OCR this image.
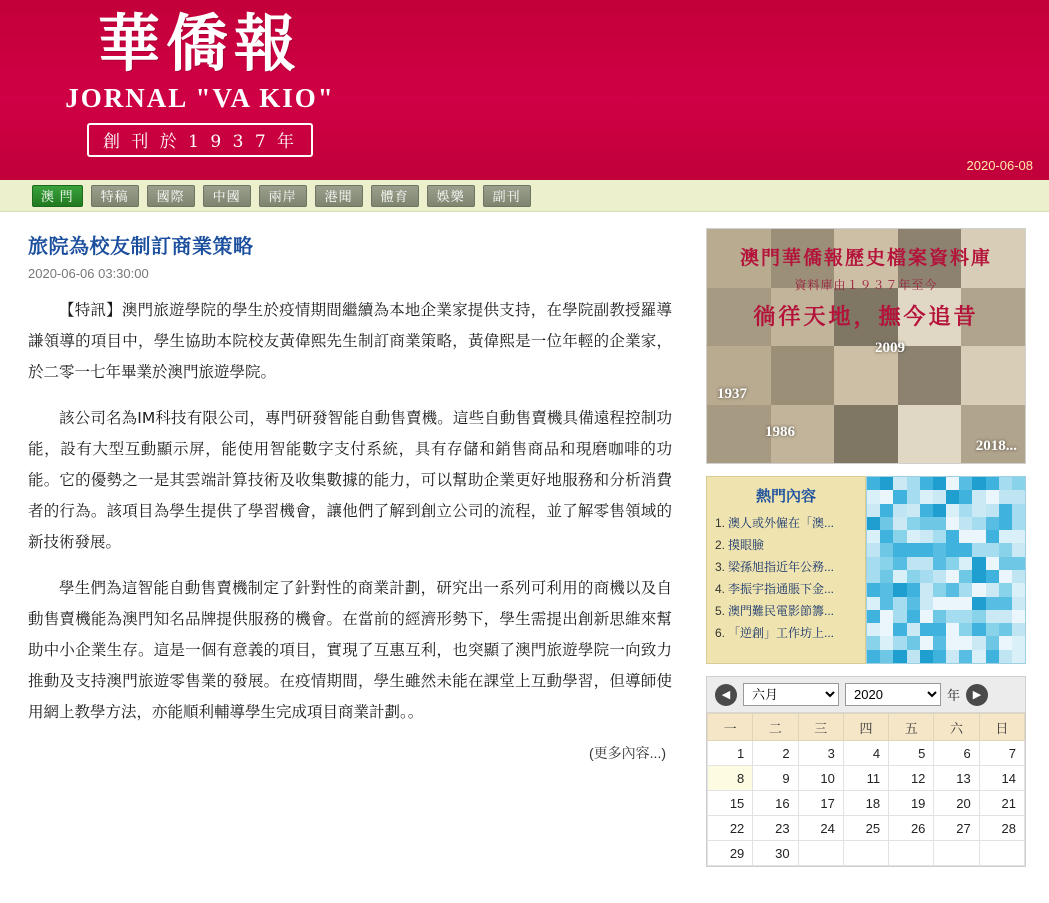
華僑報
JORNAL "VA KIO"
創 刊 於 1 9 3 7 年
2020-06-08
澳 閂	特稿	國際	中國	兩岸	港聞	體育	娛樂	副刊
旅院為校友制訂商業策略
2020-06-06 03:30:00

【特訊】澳門旅遊學院的學生於疫情期間繼續為本地企業家提供支持，在學院副教授羅導謙領導的項目中，學生協助本院校友黃偉熙先生制訂商業策略，黃偉熙是一位年輕的企業家，於二零一七年畢業於澳門旅遊學院。

該公司名為IM科技有限公司，專門研發智能自動售賣機。這些自動售賣機具備遠程控制功能，設有大型互動顯示屏，能使用智能數字支付系統，具有存儲和銷售商品和現磨咖啡的功能。它的優勢之一是其雲端計算技術及收集數據的能力，可以幫助企業更好地服務和分析消費者的行為。該項目為學生提供了學習機會，讓他們了解到創立公司的流程，並了解零售領域的新技術發展。

學生們為這智能自動售賣機制定了針對性的商業計劃，研究出一系列可利用的商機以及自動售賣機能為澳門知名品牌提供服務的機會。在當前的經濟形勢下，學生需提出創新思維來幫助中小企業生存。這是一個有意義的項目，實現了互惠互利，也突顯了澳門旅遊學院一向致力推動及支持澳門旅遊零售業的發展。在疫情期間，學生雖然未能在課堂上互動學習，但導師使用網上教學方法，亦能順利輔導學生完成項目商業計劃。。

(更多內容...)
澳門華僑報歷史檔案資料庫
資料庫由１９３７年至今
徜徉天地，撫今追昔
1937
1986
2009
2018...
熱門內容
1. 澳人或外僱在「澳...
2. 摸眼臉
3. 梁孫旭指近年公務...
4. 李振宇指通脹下金...
5. 澳門難民電影節籌...
6. 「逆創」工作坊上...
◀
六月
2020	年	▶
一	二	三	四	五	六	日
1	2	3	4	5	6	7
8	9	10	11	12	13	14
15	16	17	18	19	20	21
22	23	24	25	26	27	28
29	30					
